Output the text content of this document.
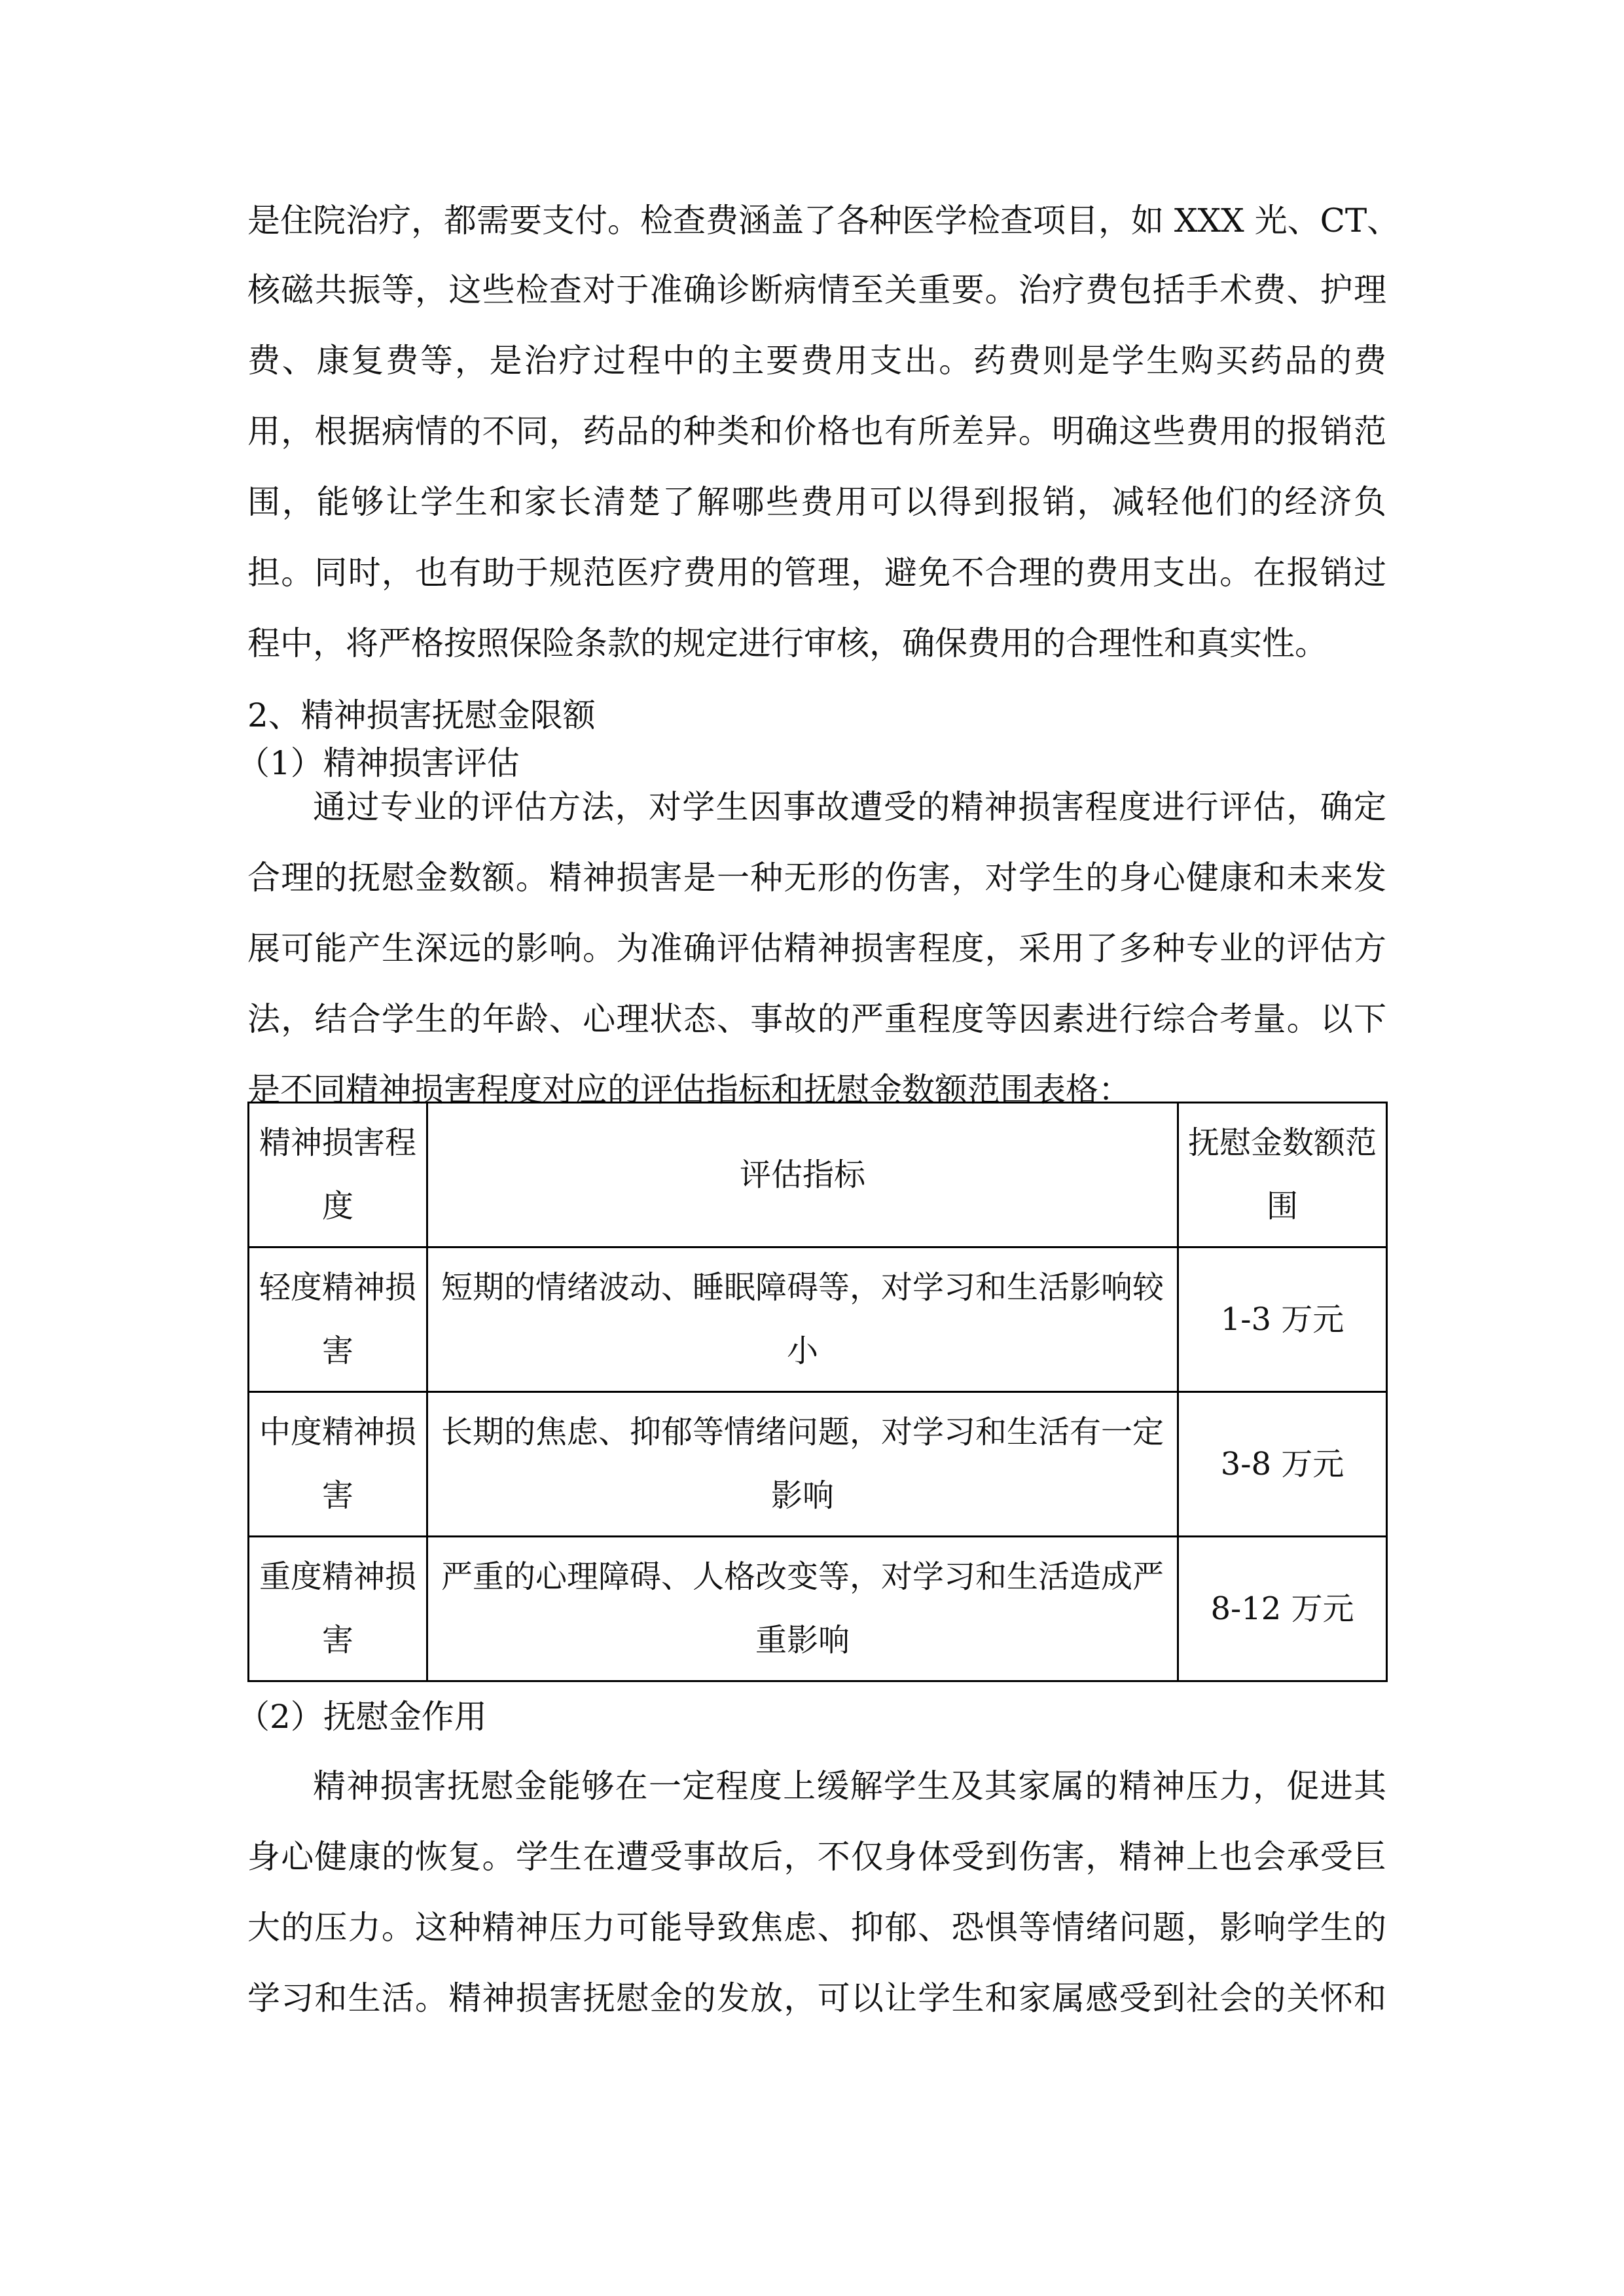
是住院治疗，都需要支付。检查费涵盖了各种医学检查项目，如 XXX 光、CT、
核磁共振等，这些检查对于准确诊断病情至关重要。治疗费包括手术费、护理
费、康复费等，是治疗过程中的主要费用支出。药费则是学生购买药品的费
用，根据病情的不同，药品的种类和价格也有所差异。明确这些费用的报销范
围，能够让学生和家长清楚了解哪些费用可以得到报销，减轻他们的经济负
担。同时，也有助于规范医疗费用的管理，避免不合理的费用支出。在报销过
程中，将严格按照保险条款的规定进行审核，确保费用的合理性和真实性。
2、精神损害抚慰金限额
（1）精神损害评估
通过专业的评估方法，对学生因事故遭受的精神损害程度进行评估，确定
合理的抚慰金数额。精神损害是一种无形的伤害，对学生的身心健康和未来发
展可能产生深远的影响。为准确评估精神损害程度，采用了多种专业的评估方
法，结合学生的年龄、心理状态、事故的严重程度等因素进行综合考量。以下
是不同精神损害程度对应的评估指标和抚慰金数额范围表格：
精神损害程度	评估指标	抚慰金数额范围
轻度精神损害	短期的情绪波动、睡眠障碍等，对学习和生活影响较小	1-3 万元
中度精神损害	长期的焦虑、抑郁等情绪问题，对学习和生活有一定影响	3-8 万元
重度精神损害	严重的心理障碍、人格改变等，对学习和生活造成严重影响	8-12 万元
（2）抚慰金作用
精神损害抚慰金能够在一定程度上缓解学生及其家属的精神压力，促进其
身心健康的恢复。学生在遭受事故后，不仅身体受到伤害，精神上也会承受巨
大的压力。这种精神压力可能导致焦虑、抑郁、恐惧等情绪问题，影响学生的
学习和生活。精神损害抚慰金的发放，可以让学生和家属感受到社会的关怀和
